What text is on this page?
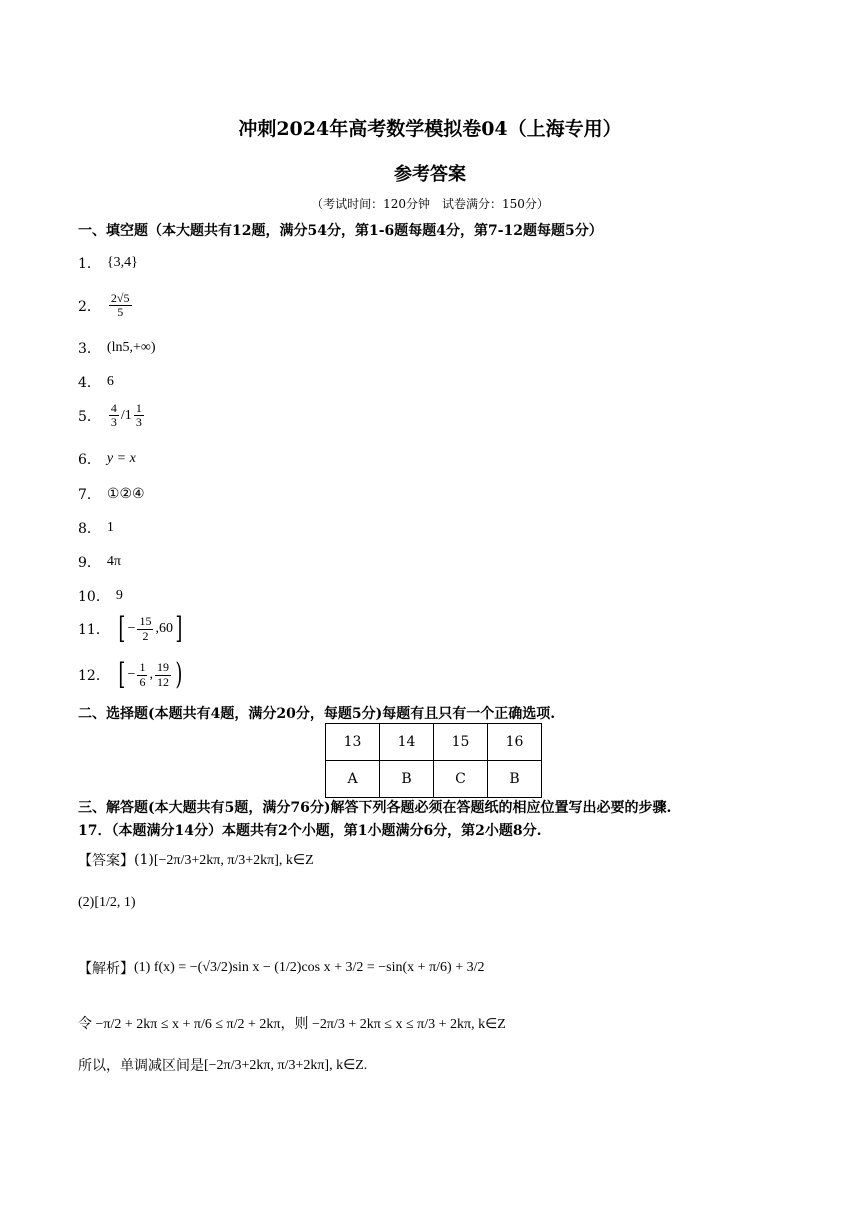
冲刺2024年高考数学模拟卷04（上海专用）
参考答案
（考试时间：120分钟　试卷满分：150分）
一、填空题（本大题共有12题，满分54分，第1-6题每题4分，第7-12题每题5分）
1． {3,4}
2． $\frac{2√5}{5}$
3． (ln5,+∞)
4． 6
5． $\frac{4}{3} /1 \frac{1}{3}$
6． y = x
7． ①②④
8． 1
9． 4π
10． 9
11． [ − $\frac{15}{2} ,60$ ]
12． [ − $\frac{1}{6}$ , $\frac{19}{12}$ )
二、选择题(本题共有4题，满分20分，每题5分)每题有且只有一个正确选项.
13	14	15	16
A	B	C	B
三、解答题(本大题共有5题，满分76分)解答下列各题必须在答题纸的相应位置写出必要的步骤.
17．（本题满分14分）本题共有2个小题，第1小题满分6分，第2小题8分.
【答案】 (1) [−2π/3+2kπ, π/3+2kπ], k∈Z
(2)[1/2, 1)
【解析】 (1) f(x) = −(√3/2)sin x − (1/2)cos x + 3/2 = −sin(x + π/6) + 3/2
令 −π/2 + 2kπ ≤ x + π/6 ≤ π/2 + 2kπ，则 −2π/3 + 2kπ ≤ x ≤ π/3 + 2kπ, k∈Z
所以，单调减区间是 [−2π/3+2kπ, π/3+2kπ], k∈Z.
